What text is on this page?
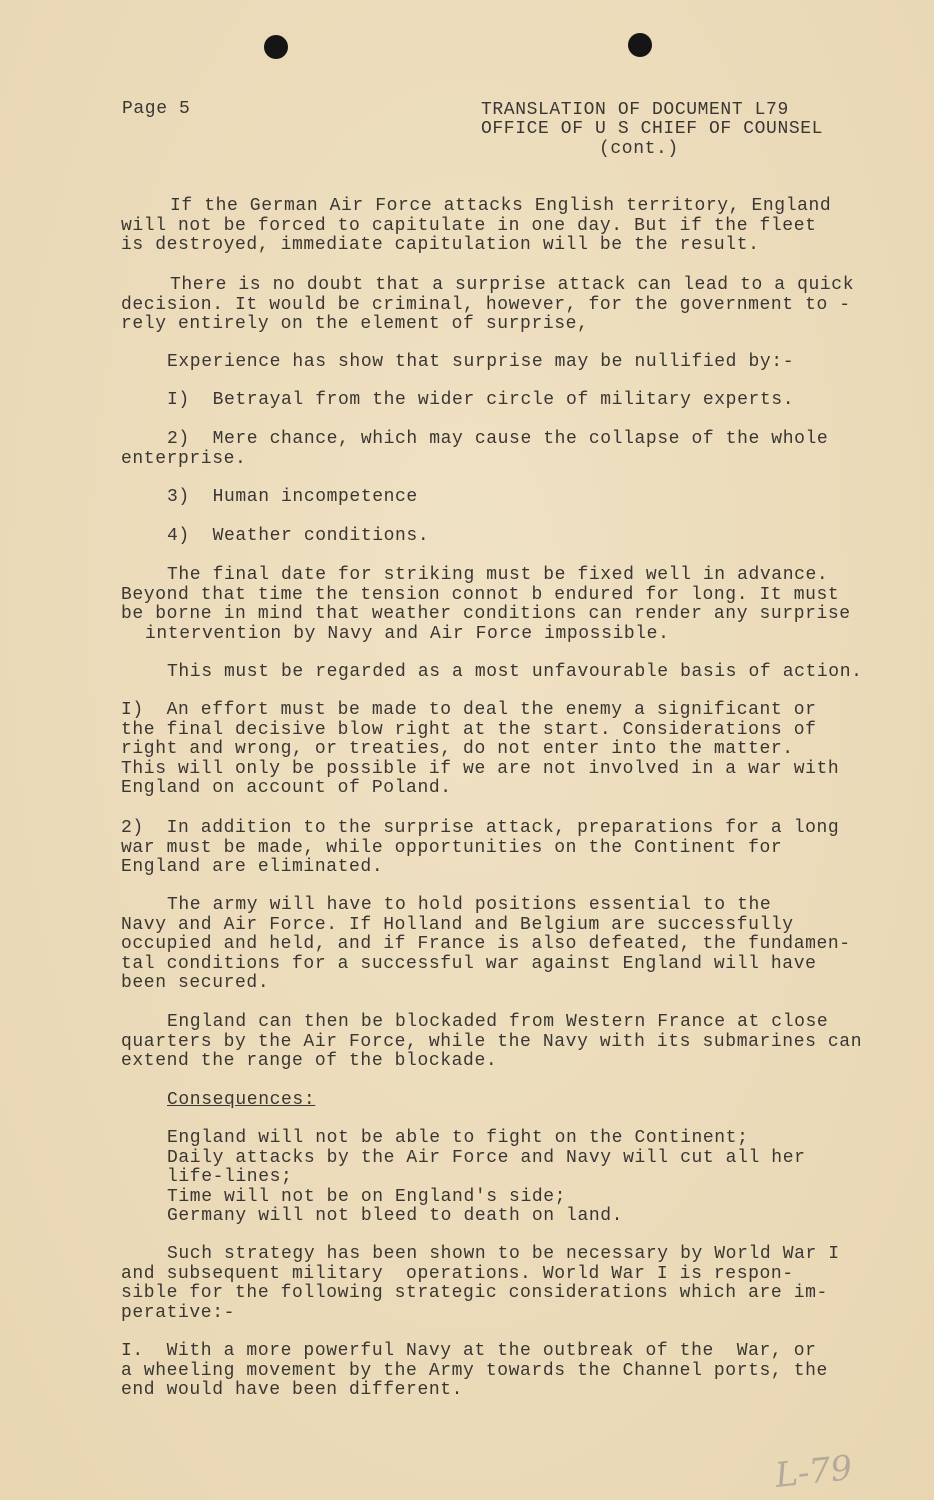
Page 5	TRANSLATION OF DOCUMENT L79
OFFICE OF U S CHIEF OF COUNSEL
(cont.)
If the German Air Force attacks English territory, England
will not be forced to capitulate in one day. But if the fleet
is destroyed, immediate capitulation will be the result.
There is no doubt that a surprise attack can lead to a quick
decision. It would be criminal, however, for the government to -
rely entirely on the element of surprise,
Experience has show that surprise may be nullified by:-
I)  Betrayal from the wider circle of military experts.
2)  Mere chance, which may cause the collapse of the whole
enterprise.
3)  Human incompetence
4)  Weather conditions.
The final date for striking must be fixed well in advance.
Beyond that time the tension connot b endured for long. It must
be borne in mind that weather conditions can render any surprise
intervention by Navy and Air Force impossible.
This must be regarded as a most unfavourable basis of action.
I)  An effort must be made to deal the enemy a significant or
the final decisive blow right at the start. Considerations of
right and wrong, or treaties, do not enter into the matter.
This will only be possible if we are not involved in a war with
England on account of Poland.
2)  In addition to the surprise attack, preparations for a long
war must be made, while opportunities on the Continent for
England are eliminated.
The army will have to hold positions essential to the
Navy and Air Force. If Holland and Belgium are successfully
occupied and held, and if France is also defeated, the fundamen-
tal conditions for a successful war against England will have
been secured.
England can then be blockaded from Western France at close
quarters by the Air Force, while the Navy with its submarines can
extend the range of the blockade.
Consequences:
England will not be able to fight on the Continent;
Daily attacks by the Air Force and Navy will cut all her
life-lines;
Time will not be on England's side;
Germany will not bleed to death on land.
Such strategy has been shown to be necessary by World War I
and subsequent military  operations. World War I is respon-
sible for the following strategic considerations which are im-
perative:-
I.  With a more powerful Navy at the outbreak of the  War, or
a wheeling movement by the Army towards the Channel ports, the
end would have been different.
L-79
